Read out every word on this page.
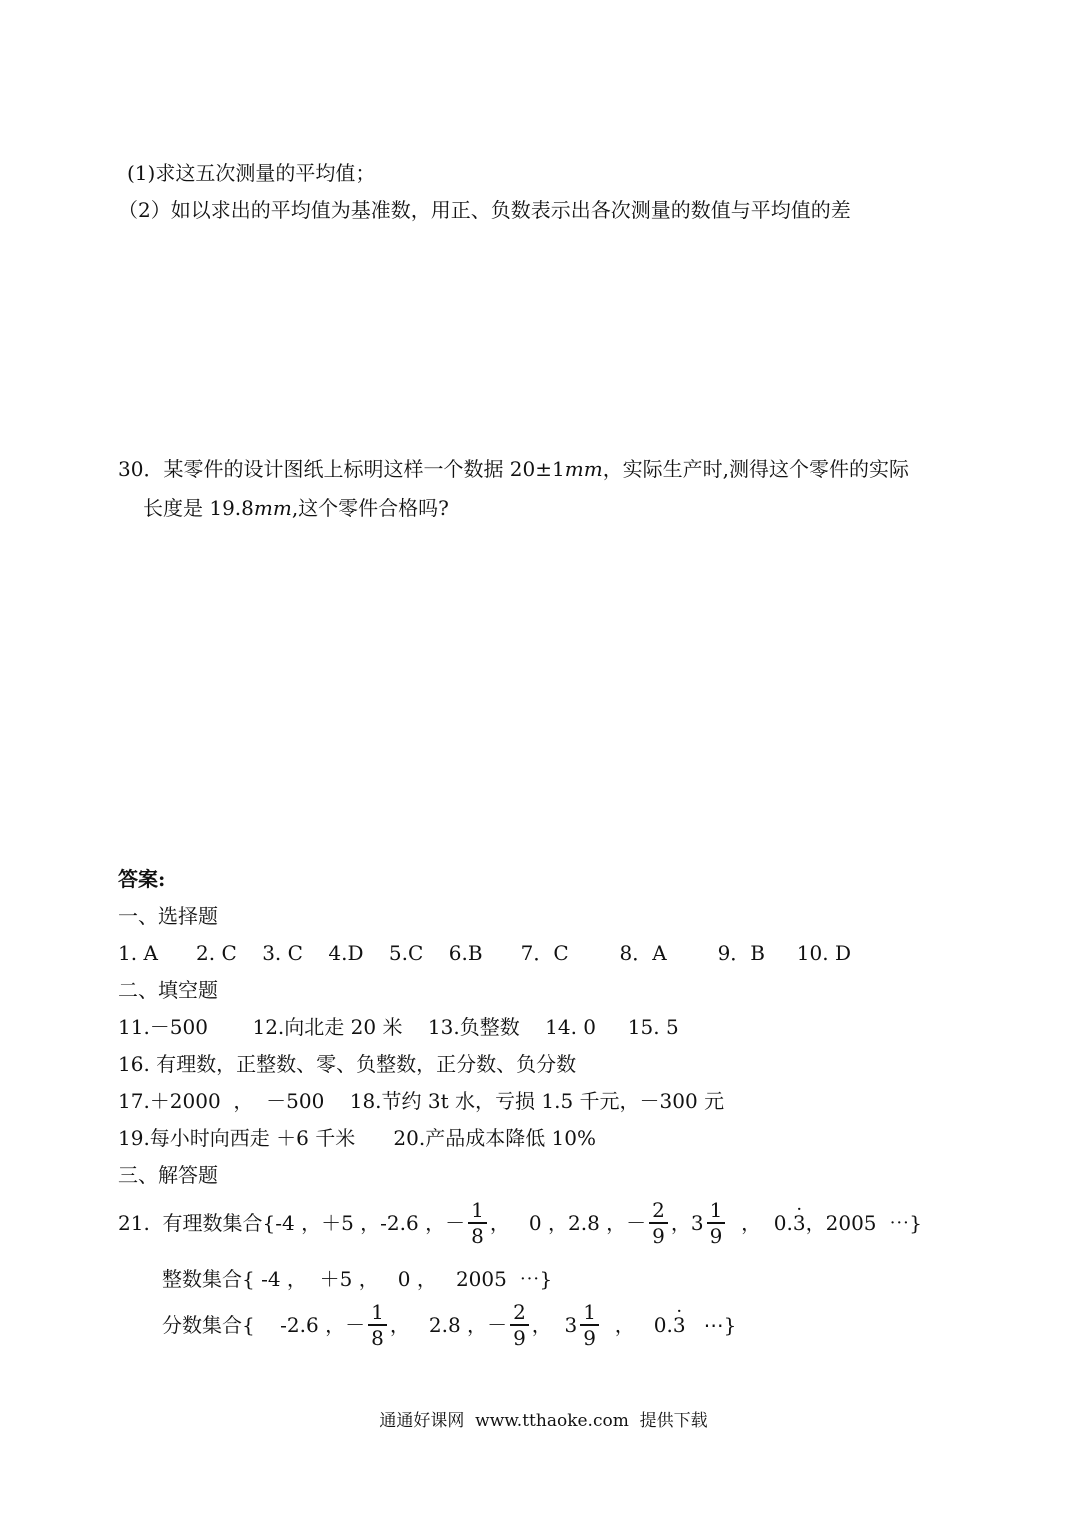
(1)求这五次测量的平均值；
（2）如以求出的平均值为基准数，用正、负数表示出各次测量的数值与平均值的差
30．某零件的设计图纸上标明这样一个数据 20±1mm，实际生产时,测得这个零件的实际
长度是 19.8mm,这个零件合格吗?
答案:
一、选择题
1. A      2. C    3. C    4.D    5.C    6.B      7．C        8．A        9．B     10. D
二、填空题
11.－500       12.向北走 20 米    13.负整数    14. 0     15. 5
16. 有理数，正整数、零、负整数，正分数、负分数
17.＋2000  ，  －500    18.节约 3t 水，亏损 1.5 千元，－300 元
19.每小时向西走 ＋6 千米      20.产品成本降低 10%
三、解答题
21.  有理数集合{-4 ，＋5 ，-2.6 ， － $\frac{1}{8}$ ，   0 ，2.8 ， － $\frac{2}{9}$ ， $3 \frac{1}{9}$ ， 0.· 3 ，2005  ⋯}
整数集合{ -4 ，  ＋5 ，   0 ，   2005  ⋯}
分数集合{    -2.6 ， － $\frac{1}{8}$ ，   2.8 ， － $\frac{2}{9}$ ， $3 \frac{1}{9}$ ， 0.· 3 ⋯}
通通好课网  www.tthaoke.com  提供下载
